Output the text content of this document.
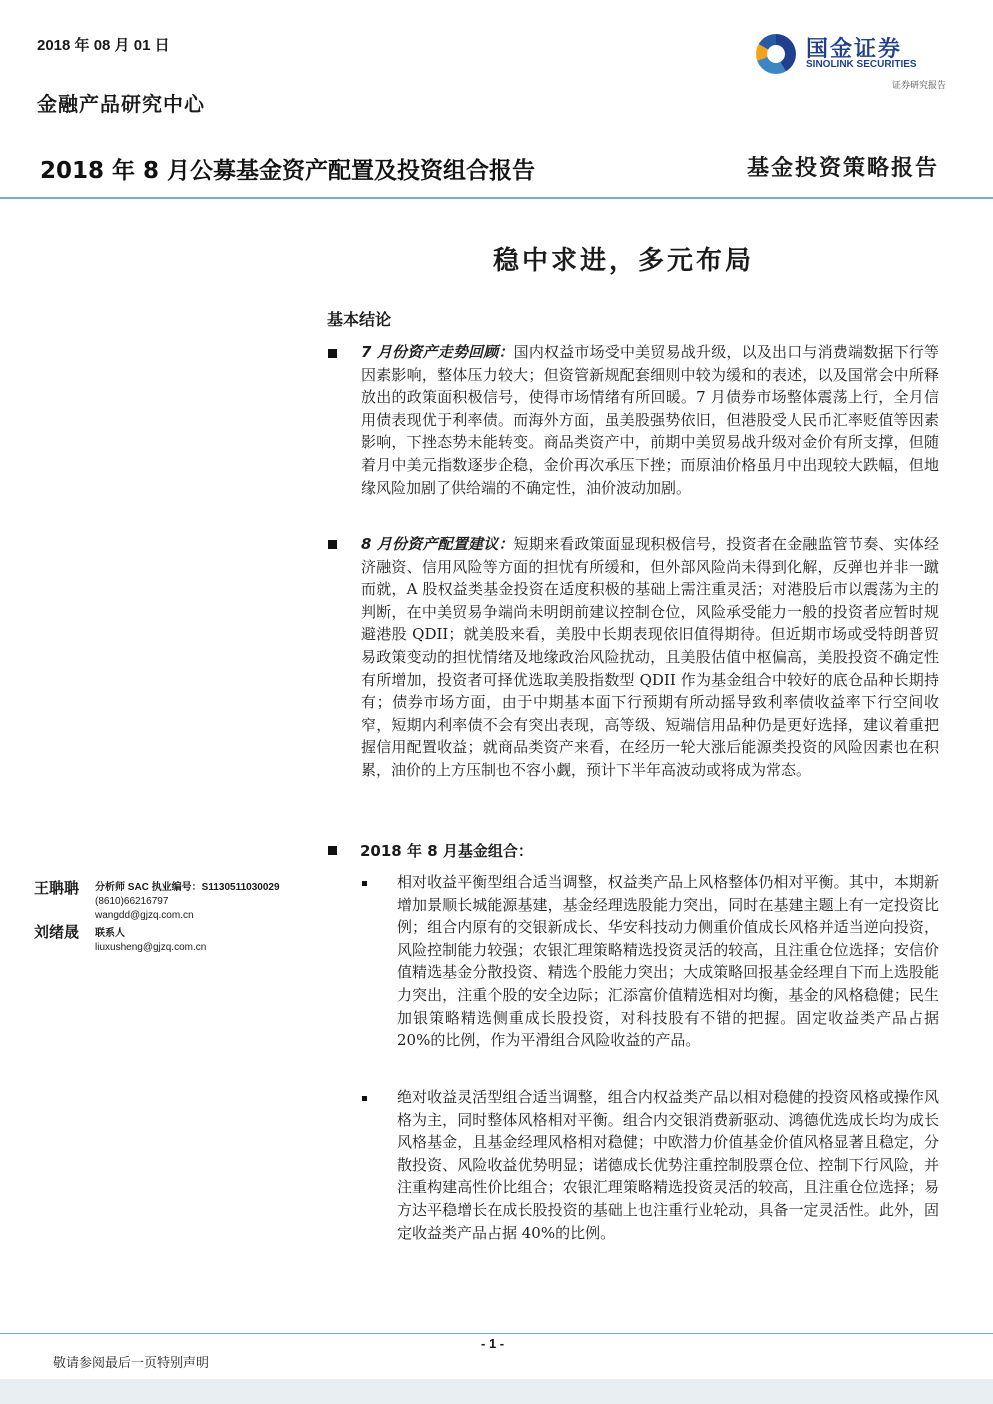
2018 年 08 月 01 日
金融产品研究中心
国金证券
SINOLINK SECURITIES
证券研究报告
2018 年 8 月公募基金资产配置及投资组合报告	基金投资策略报告
稳中求进，多元布局
基本结论

7 月份资产走势回顾：国内权益市场受中美贸易战升级，以及出口与消费端数据下行等因素影响，整体压力较大；但资管新规配套细则中较为缓和的表述，以及国常会中所释放出的政策面积极信号，使得市场情绪有所回暖。7 月债券市场整体震荡上行，全月信用债表现优于利率债。而海外方面，虽美股强势依旧，但港股受人民币汇率贬值等因素影响，下挫态势未能转变。商品类资产中，前期中美贸易战升级对金价有所支撑，但随着月中美元指数逐步企稳，金价再次承压下挫；而原油价格虽月中出现较大跌幅，但地缘风险加剧了供给端的不确定性，油价波动加剧。

8 月份资产配置建议：短期来看政策面显现积极信号，投资者在金融监管节奏、实体经济融资、信用风险等方面的担忧有所缓和，但外部风险尚未得到化解，反弹也并非一蹴而就，A 股权益类基金投资在适度积极的基础上需注重灵活；对港股后市以震荡为主的判断，在中美贸易争端尚未明朗前建议控制仓位，风险承受能力一般的投资者应暂时规避港股 QDII；就美股来看，美股中长期表现依旧值得期待。但近期市场或受特朗普贸易政策变动的担忧情绪及地缘政治风险扰动，且美股估值中枢偏高，美股投资不确定性有所增加，投资者可择优选取美股指数型 QDII 作为基金组合中较好的底仓品种长期持有；债券市场方面，由于中期基本面下行预期有所动摇导致利率债收益率下行空间收窄，短期内利率债不会有突出表现，高等级、短端信用品种仍是更好选择，建议着重把握信用配置收益；就商品类资产来看，在经历一轮大涨后能源类投资的风险因素也在积累，油价的上方压制也不容小觑，预计下半年高波动或将成为常态。

2018 年 8 月基金组合：

相对收益平衡型组合适当调整，权益类产品上风格整体仍相对平衡。其中，本期新增加景顺长城能源基建，基金经理选股能力突出，同时在基建主题上有一定投资比例；组合内原有的交银新成长、华安科技动力侧重价值成长风格并适当逆向投资，风险控制能力较强；农银汇理策略精选投资灵活的较高，且注重仓位选择；安信价值精选基金分散投资、精选个股能力突出；大成策略回报基金经理自下而上选股能力突出，注重个股的安全边际；汇添富价值精选相对均衡，基金的风格稳健；民生加银策略精选侧重成长股投资，对科技股有不错的把握。固定收益类产品占据 20%的比例，作为平滑组合风险收益的产品。

绝对收益灵活型组合适当调整，组合内权益类产品以相对稳健的投资风格或操作风格为主，同时整体风格相对平衡。组合内交银消费新驱动、鸿德优选成长均为成长风格基金，且基金经理风格相对稳健；中欧潜力价值基金价值风格显著且稳定，分散投资、风险收益优势明显；诺德成长优势注重控制股票仓位、控制下行风险，并注重构建高性价比组合；农银汇理策略精选投资灵活的较高，且注重仓位选择；易方达平稳增长在成长股投资的基础上也注重行业轮动，具备一定灵活性。此外，固定收益类产品占据 40%的比例。

王聃聃 分析师 SAC 执业编号：S1130511030029
(8610)66216797
wangdd@gjzq.com.cn
刘绪晟 联系人
liuxusheng@gjzq.com.cn
- 1 -
敬请参阅最后一页特别声明
